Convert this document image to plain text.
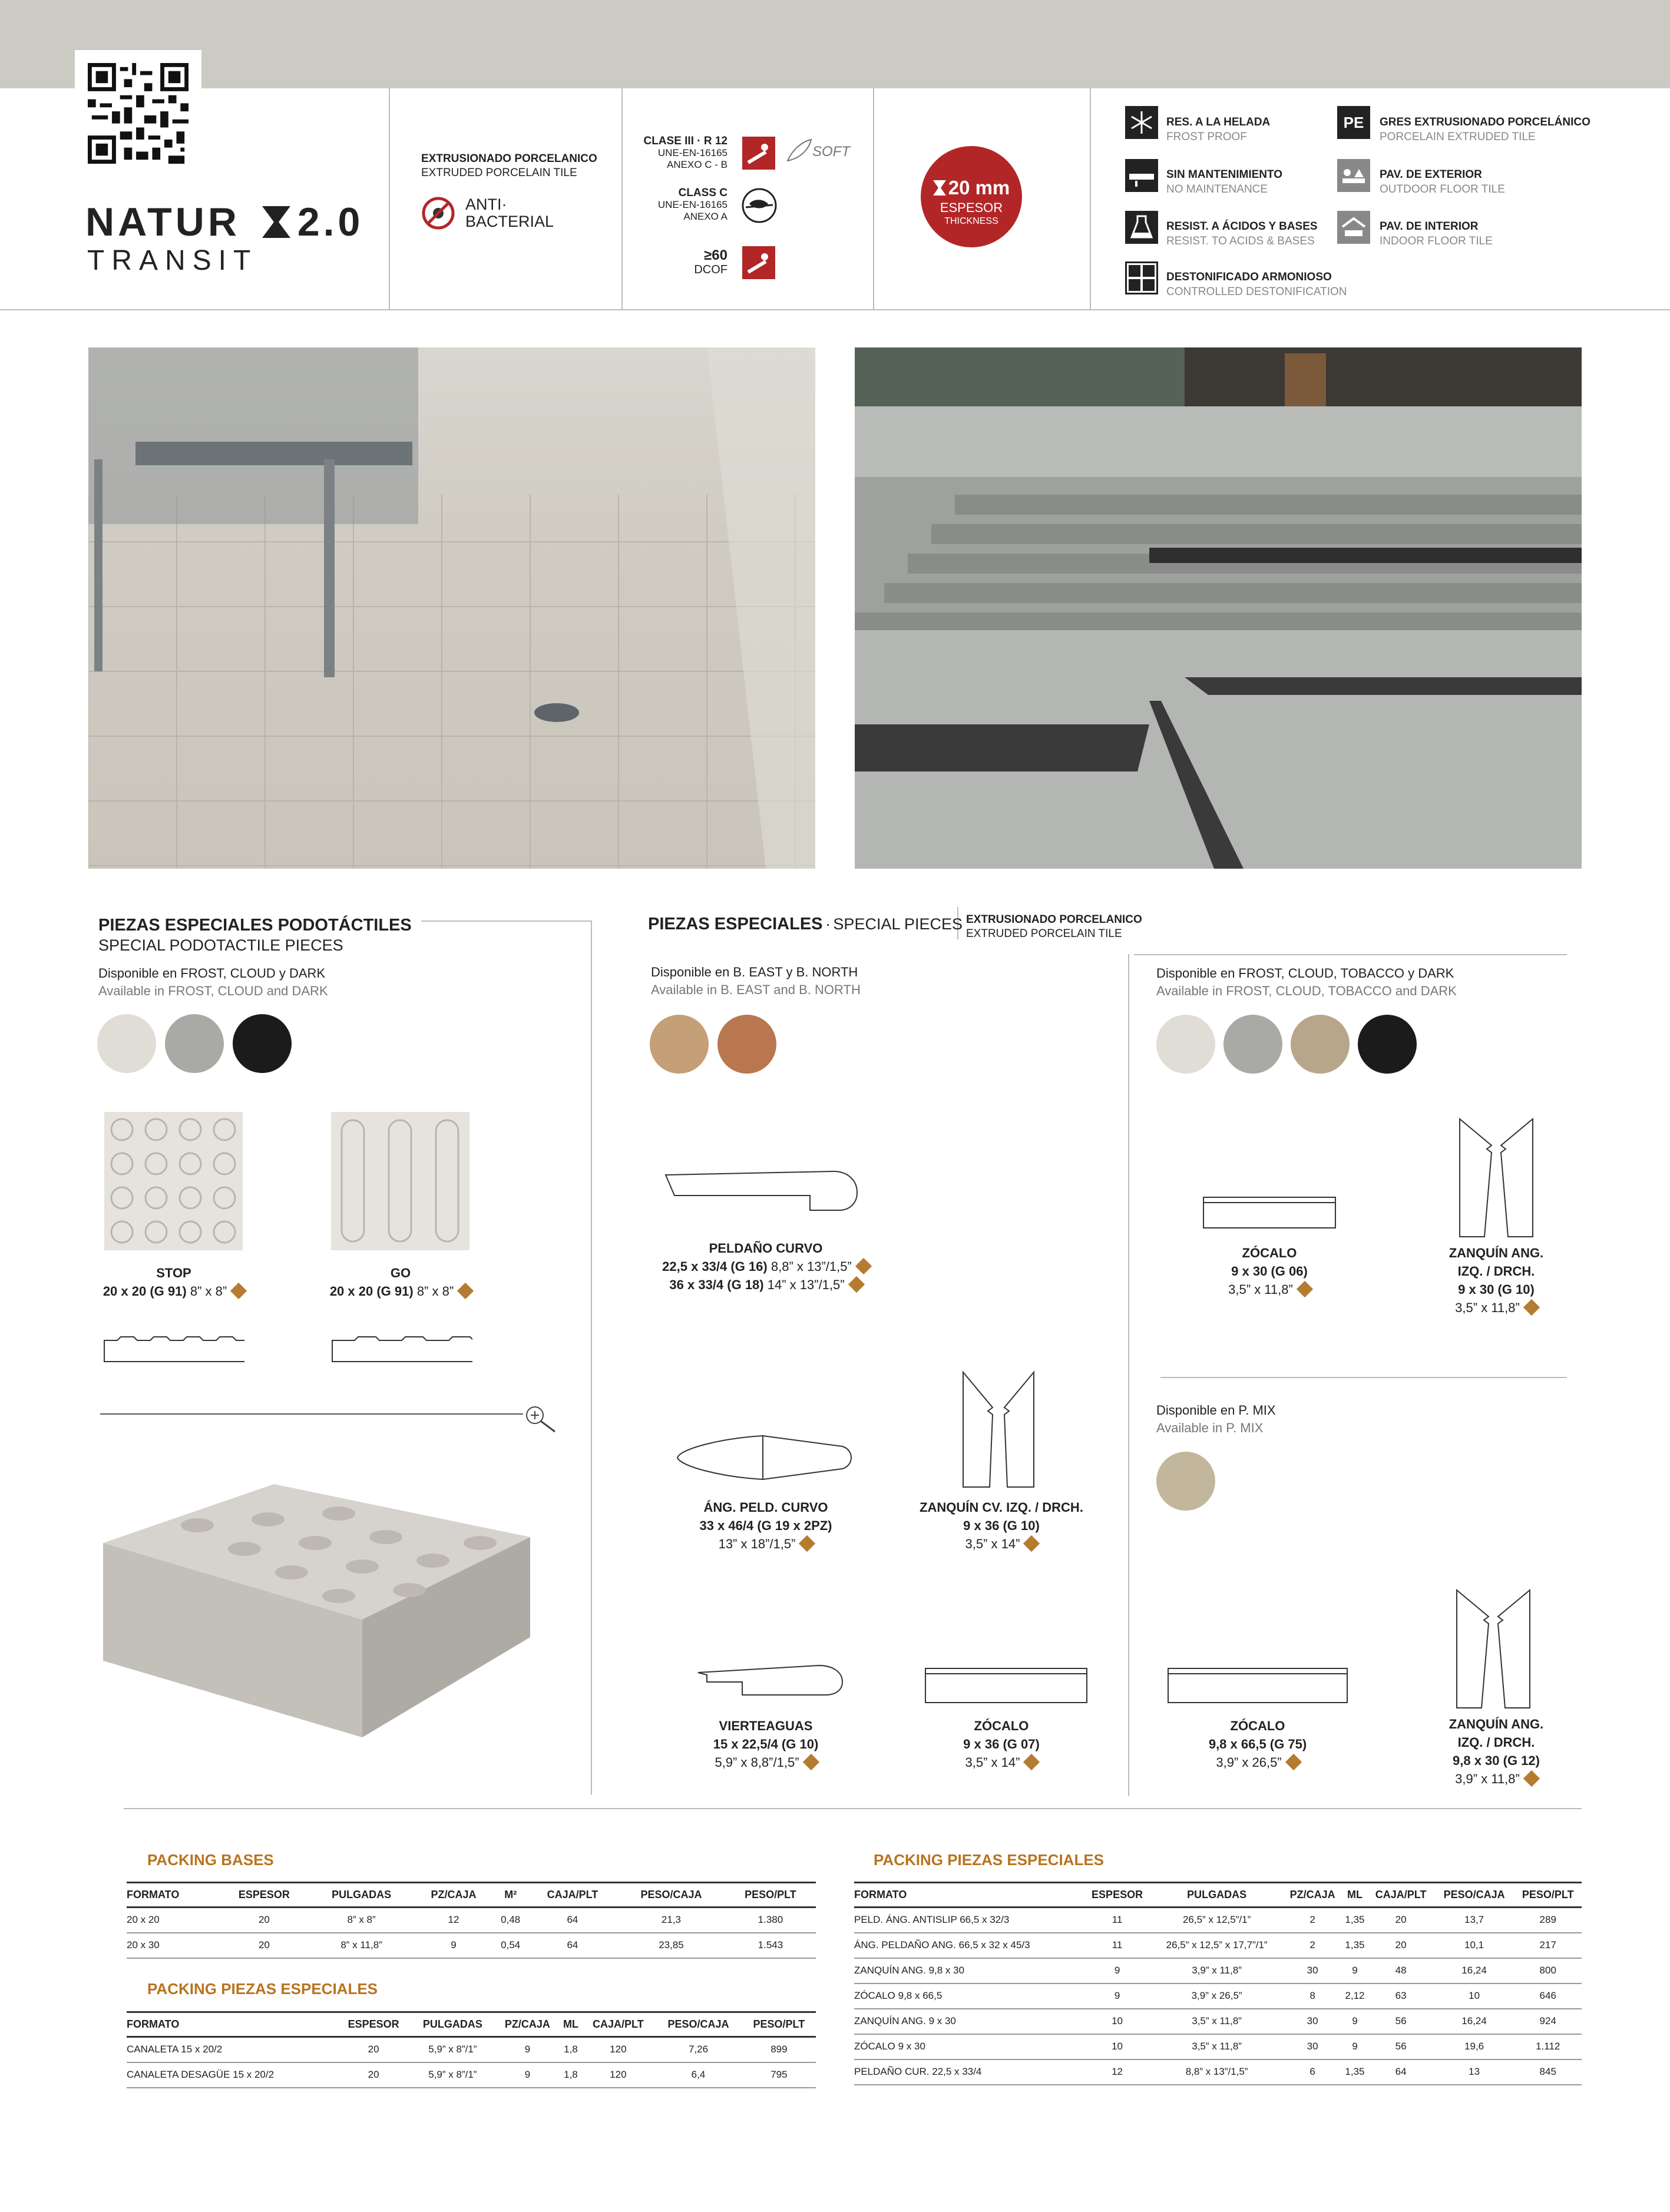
NATUR 2.0
TRANSIT
EXTRUSIONADO PORCELANICO
EXTRUDED PORCELAIN TILE
ANTI·
BACTERIAL
CLASE III · R 12
UNE-EN-16165
ANEXO C - B
SOFT
CLASS C
UNE-EN-16165
ANEXO A
≥60
DCOF
20 mm
ESPESOR
THICKNESS
RES. A LA HELADA
FROST PROOF
SIN MANTENIMIENTO
NO MAINTENANCE
RESIST. A ÁCIDOS Y BASES
RESIST. TO ACIDS & BASES
DESTONIFICADO ARMONIOSO
CONTROLLED DESTONIFICATION
PE	GRES EXTRUSIONADO PORCELÁNICO
PORCELAIN EXTRUDED TILE
PAV. DE EXTERIOR
OUTDOOR FLOOR TILE
PAV. DE INTERIOR
INDOOR FLOOR TILE
PIEZAS ESPECIALES PODOTÁCTILES
SPECIAL PODOTACTILE PIECES
Disponible en FROST, CLOUD y DARK
Available in FROST, CLOUD and DARK
STOP
20 x 20 (G 91) 8” x 8”
GO
20 x 20 (G 91) 8” x 8”
PIEZAS ESPECIALES · SPECIAL PIECES EXTRUSIONADO PORCELANICO
EXTRUDED PORCELAIN TILE
Disponible en B. EAST y B. NORTH
Available in B. EAST and B. NORTH
Disponible en FROST, CLOUD, TOBACCO y DARK
Available in FROST, CLOUD, TOBACCO and DARK
Disponible en P. MIX
Available in P. MIX
PELDAÑO CURVO
22,5 x 33/4 (G 16) 8,8” x 13”/1,5”
36 x 33/4 (G 18) 14” x 13”/1,5”
ÁNG. PELD. CURVO
33 x 46/4 (G 19 x 2PZ)
13” x 18”/1,5”
ZANQUÍN CV. IZQ. / DRCH.
9 x 36 (G 10)
3,5” x 14”
VIERTEAGUAS
15 x 22,5/4 (G 10)
5,9” x 8,8”/1,5”
ZÓCALO
9 x 36 (G 07)
3,5” x 14”
ZÓCALO
9 x 30 (G 06)
3,5” x 11,8”
ZANQUÍN ANG.
IZQ. / DRCH.
9 x 30 (G 10)
3,5” x 11,8”
ZÓCALO
9,8 x 66,5 (G 75)
3,9” x 26,5”
ZANQUÍN ANG.
IZQ. / DRCH.
9,8 x 30 (G 12)
3,9” x 11,8”
PACKING BASES
FORMATO	ESPESOR	PULGADAS	PZ/CAJA	M²	CAJA/PLT	PESO/CAJA	PESO/PLT
20 x 20	20	8” x 8”	12	0,48	64	21,3	1.380
20 x 30	20	8” x 11,8”	9	0,54	64	23,85	1.543
PACKING PIEZAS ESPECIALES
FORMATO	ESPESOR	PULGADAS	PZ/CAJA	ML	CAJA/PLT	PESO/CAJA	PESO/PLT
CANALETA 15 x 20/2	20	5,9” x 8”/1”	9	1,8	120	7,26	899
CANALETA DESAGÜE 15 x 20/2	20	5,9” x 8”/1”	9	1,8	120	6,4	795
PACKING PIEZAS ESPECIALES
FORMATO	ESPESOR	PULGADAS	PZ/CAJA	ML	CAJA/PLT	PESO/CAJA	PESO/PLT
PELD. ÁNG. ANTISLIP 66,5 x 32/3	11	26,5” x 12,5”/1”	2	1,35	20	13,7	289
ÁNG. PELDAÑO ANG. 66,5 x 32 x 45/3	11	26,5” x 12,5” x 17,7”/1”	2	1,35	20	10,1	217
ZANQUÍN ANG. 9,8 x 30	9	3,9” x 11,8”	30	9	48	16,24	800
ZÓCALO 9,8 x 66,5	9	3,9” x 26,5”	8	2,12	63	10	646
ZANQUÍN ANG. 9 x 30	10	3,5” x 11,8”	30	9	56	16,24	924
ZÓCALO 9 x 30	10	3,5” x 11,8”	30	9	56	19,6	1.112
PELDAÑO CUR. 22,5 x 33/4	12	8,8” x 13”/1,5”	6	1,35	64	13	845
